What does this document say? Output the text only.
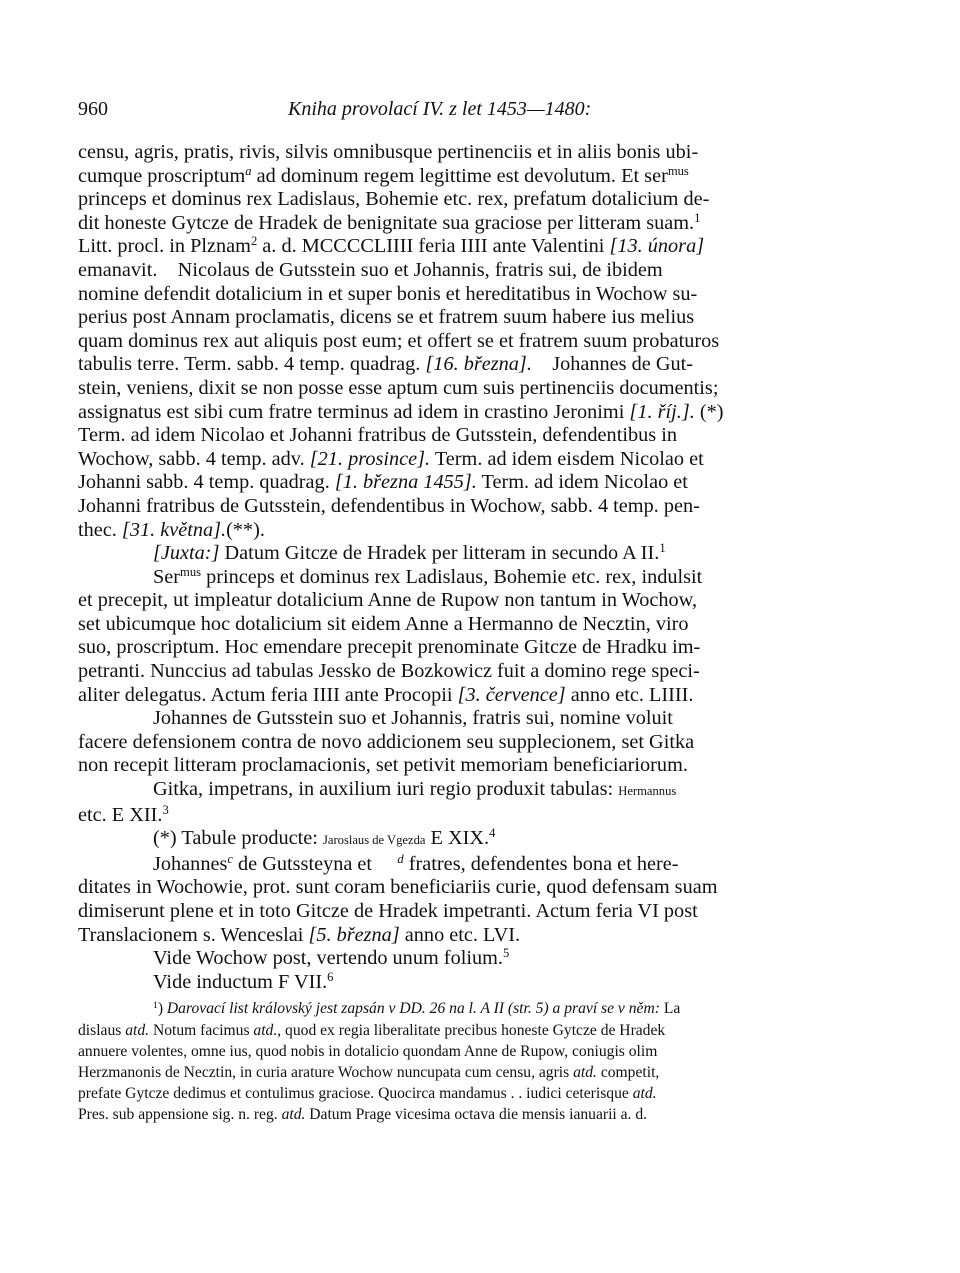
960	Kniha provolací IV. z let 1453—1480:
censu, agris, pratis, rivis, silvis omnibusque pertinenciis et in aliis bonis ubi-
cumque proscriptum$^a$ ad dominum regem legittime est devolutum. Et ser$^{mus}$
princeps et dominus rex Ladislaus, Bohemie etc. rex, prefatum dotalicium de-
dit honeste Gytcze de Hradek de benignitate sua graciose per litteram suam.$^1$
Litt. procl. in Plznam$^2$ a. d. MCCCCLIIII feria IIII ante Valentini [13. února]
emanavit.    Nicolaus de Gutsstein suo et Johannis, fratris sui, de ibidem
nomine defendit dotalicium in et super bonis et hereditatibus in Wochow su-
perius post Annam proclamatis, dicens se et fratrem suum habere ius melius
quam dominus rex aut aliquis post eum; et offert se et fratrem suum probaturos
tabulis terre. Term. sabb. 4 temp. quadrag. [16. března].    Johannes de Gut-
stein, veniens, dixit se non posse esse aptum cum suis pertinenciis documentis;
assignatus est sibi cum fratre terminus ad idem in crastino Jeronimi [1. říj.]. (*)
Term. ad idem Nicolao et Johanni fratribus de Gutsstein, defendentibus in
Wochow, sabb. 4 temp. adv. [21. prosince]. Term. ad idem eisdem Nicolao et
Johanni sabb. 4 temp. quadrag. [1. března 1455]. Term. ad idem Nicolao et
Johanni fratribus de Gutsstein, defendentibus in Wochow, sabb. 4 temp. pen-
thec. [31. května].(**).
[Juxta:] Datum Gitcze de Hradek per litteram in secundo A II.$^1$
Ser$^{mus}$ princeps et dominus rex Ladislaus, Bohemie etc. rex, indulsit
et precepit, ut impleatur dotalicium Anne de Rupow non tantum in Wochow,
set ubicumque hoc dotalicium sit eidem Anne a Hermanno de Necztin, viro
suo, proscriptum. Hoc emendare precepit prenominate Gitcze de Hradku im-
petranti. Nunccius ad tabulas Jessko de Bozkowicz fuit a domino rege speci-
aliter delegatus. Actum feria IIII ante Procopii [3. července] anno etc. LIIII.
Johannes de Gutsstein suo et Johannis, fratris sui, nomine voluit
facere defensionem contra de novo addicionem seu supplecionem, set Gitka
non recepit litteram proclamacionis, set petivit memoriam beneficiariorum.
Gitka, impetrans, in auxilium iuri regio produxit tabulas: Hermannus
etc. E XII.$^3$
(*) Tabule producte: Jaroslaus de Vgezda E XIX.$^4$
Johannes$^c$ de Gutssteyna et     $^d$ fratres, defendentes bona et here-
ditates in Wochowie, prot. sunt coram beneficiariis curie, quod defensam suam
dimiserunt plene et in toto Gitcze de Hradek impetranti. Actum feria VI post
Translacionem s. Wenceslai [5. března] anno etc. LVI.
Vide Wochow post, vertendo unum folium.$^5$
Vide inductum F VII.$^6$
$^1$) Darovací list královský jest zapsán v DD. 26 na l. A II (str. 5) a praví se v něm: La
dislaus atd. Notum facimus atd., quod ex regia liberalitate precibus honeste Gytcze de Hradek
annuere volentes, omne ius, quod nobis in dotalicio quondam Anne de Rupow, coniugis olim
Herzmanonis de Necztin, in curia arature Wochow nuncupata cum censu, agris atd. competit,
prefate Gytcze dedimus et contulimus graciose. Quocirca mandamus . . iudici ceterisque atd.
Pres. sub appensione sig. n. reg. atd. Datum Prage vicesima octava die mensis ianuarii a. d.
